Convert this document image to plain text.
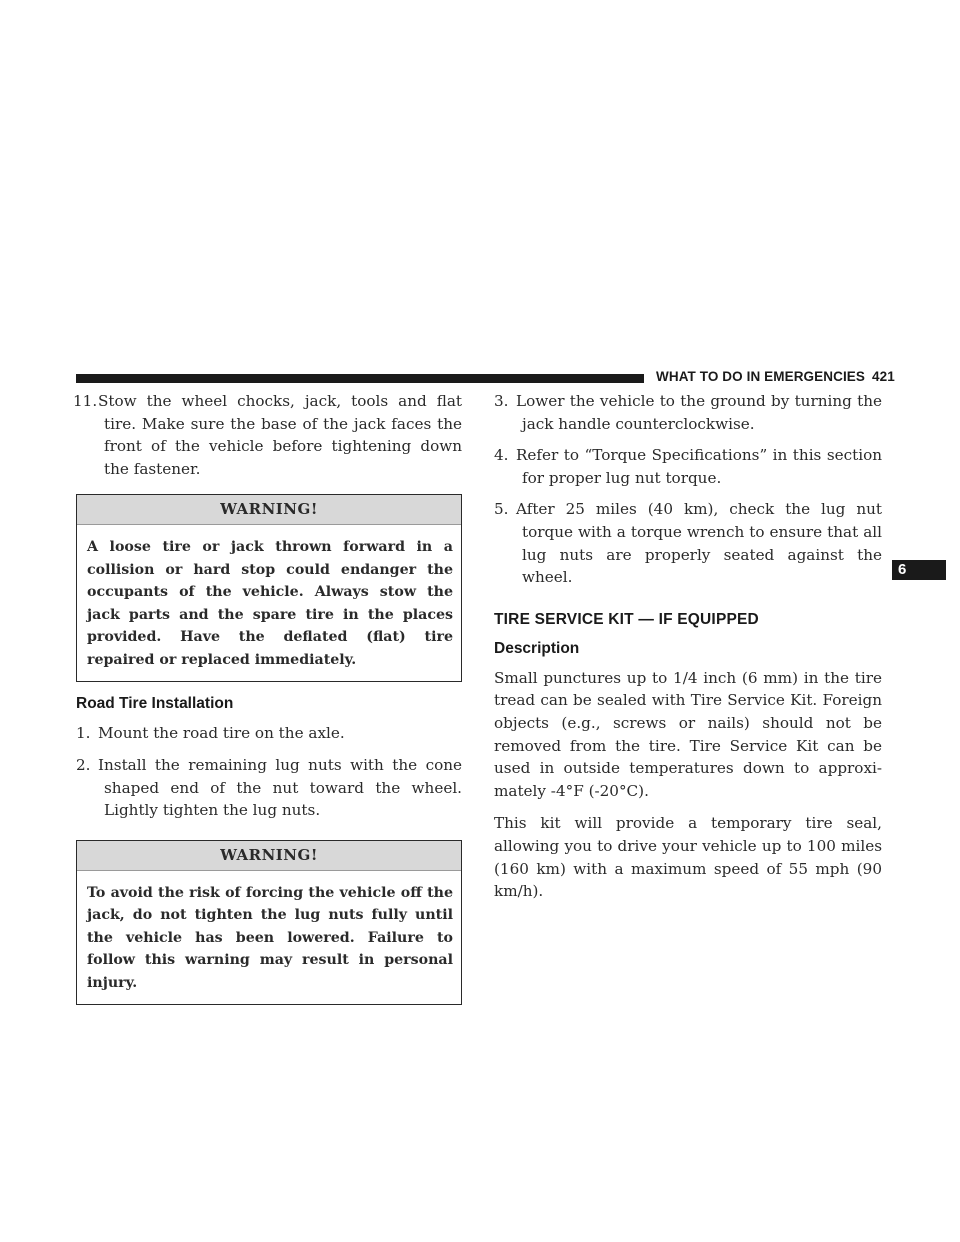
WHAT TO DO IN EMERGENCIES 421
6

11.Stow the wheel chocks, jack, tools and flat tire. Make sure the base of the jack faces the front of the vehicle before tightening down the fastener.

WARNING!
A loose tire or jack thrown forward in a collision or hard stop could endanger the occupants of the vehicle. Always stow the jack parts and the spare tire in the places provided. Have the deflated (flat) tire repaired or replaced immediately.
Road Tire Installation

1. Mount the road tire on the axle.

2. Install the remaining lug nuts with the cone shaped end of the nut toward the wheel. Lightly tighten the lug nuts.

WARNING!
To avoid the risk of forcing the vehicle off the jack, do not tighten the lug nuts fully until the vehicle has been lowered. Failure to follow this warning may result in personal injury.

3. Lower the vehicle to the ground by turning the jack handle counterclockwise.

4. Refer to “Torque Specifications” in this section for proper lug nut torque.

5. After 25 miles (40 km), check the lug nut torque with a torque wrench to ensure that all lug nuts are properly seated against the wheel.

TIRE SERVICE KIT — IF EQUIPPED
Description

Small punctures up to 1/4 inch (6 mm) in the tire tread can be sealed with Tire Service Kit. Foreign objects (e.g., screws or nails) should not be removed from the tire. Tire Service Kit can be used in outside temperatures down to approxi-mately -4°F (-20°C).

This kit will provide a temporary tire seal, allowing you to drive your vehicle up to 100 miles (160 km) with a maximum speed of 55 mph (90 km/h).
